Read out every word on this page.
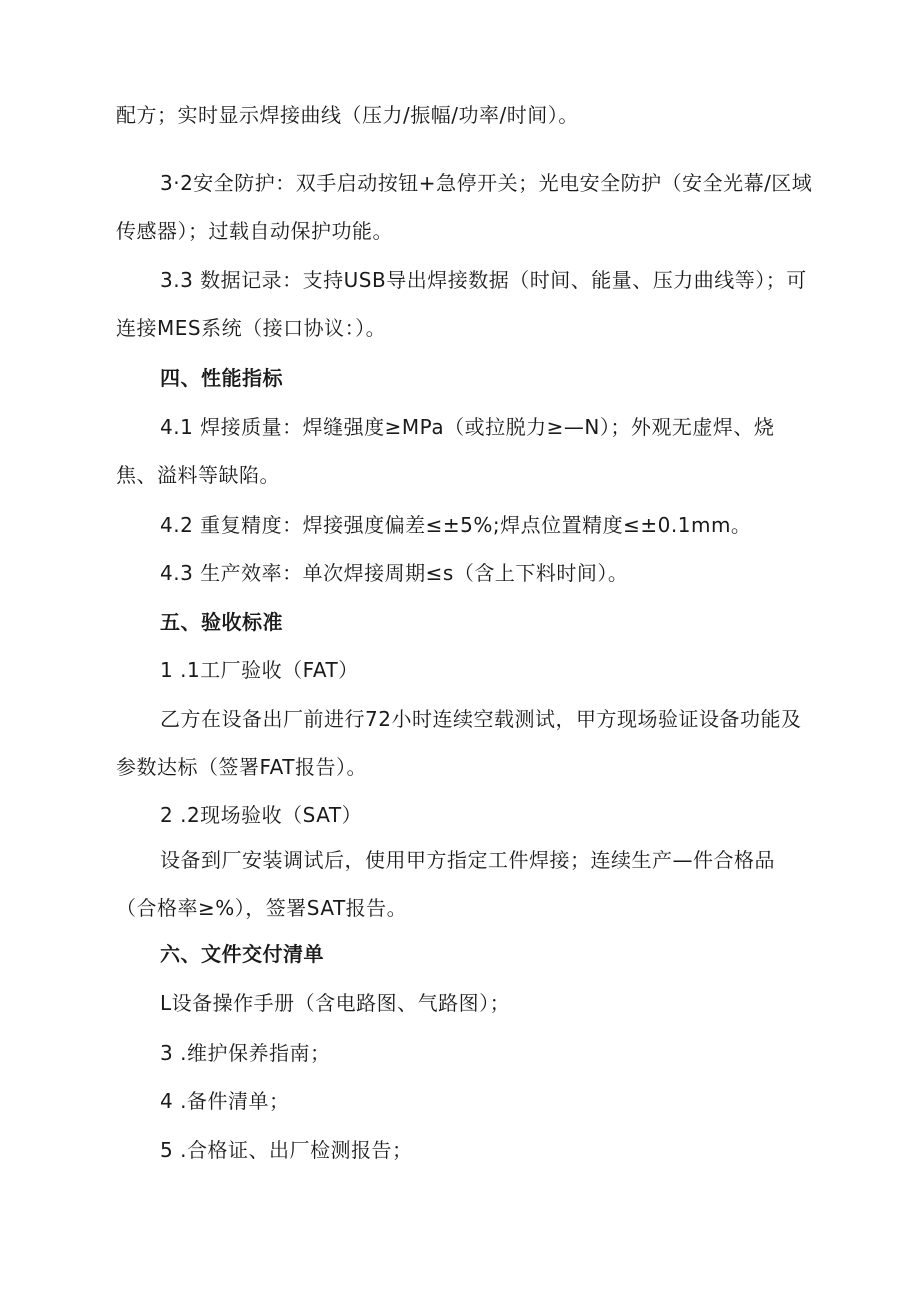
配方；实时显示焊接曲线（压力/振幅/功率/时间）。
3·2安全防护：双手启动按钮+急停开关；光电安全防护（安全光幕/区域
传感器）；过载自动保护功能。
3.3 数据记录：支持USB导出焊接数据（时间、能量、压力曲线等）；可
连接MES系统（接口协议：）。
四、性能指标
4.1 焊接质量：焊缝强度≥MPa（或拉脱力≥—N）；外观无虚焊、烧
焦、溢料等缺陷。
4.2 重复精度：焊接强度偏差≤±5%;焊点位置精度≤±0.1mm。
4.3 生产效率：单次焊接周期≤s（含上下料时间）。
五、验收标准
1 .1工厂验收（FAT）
乙方在设备出厂前进行72小时连续空载测试，甲方现场验证设备功能及
参数达标（签署FAT报告）。
2 .2现场验收（SAT）
设备到厂安装调试后，使用甲方指定工件焊接；连续生产—件合格品
（合格率≥%），签署SAT报告。
六、文件交付清单
L设备操作手册（含电路图、气路图）；
3 .维护保养指南；
4 .备件清单；
5 .合格证、出厂检测报告；
